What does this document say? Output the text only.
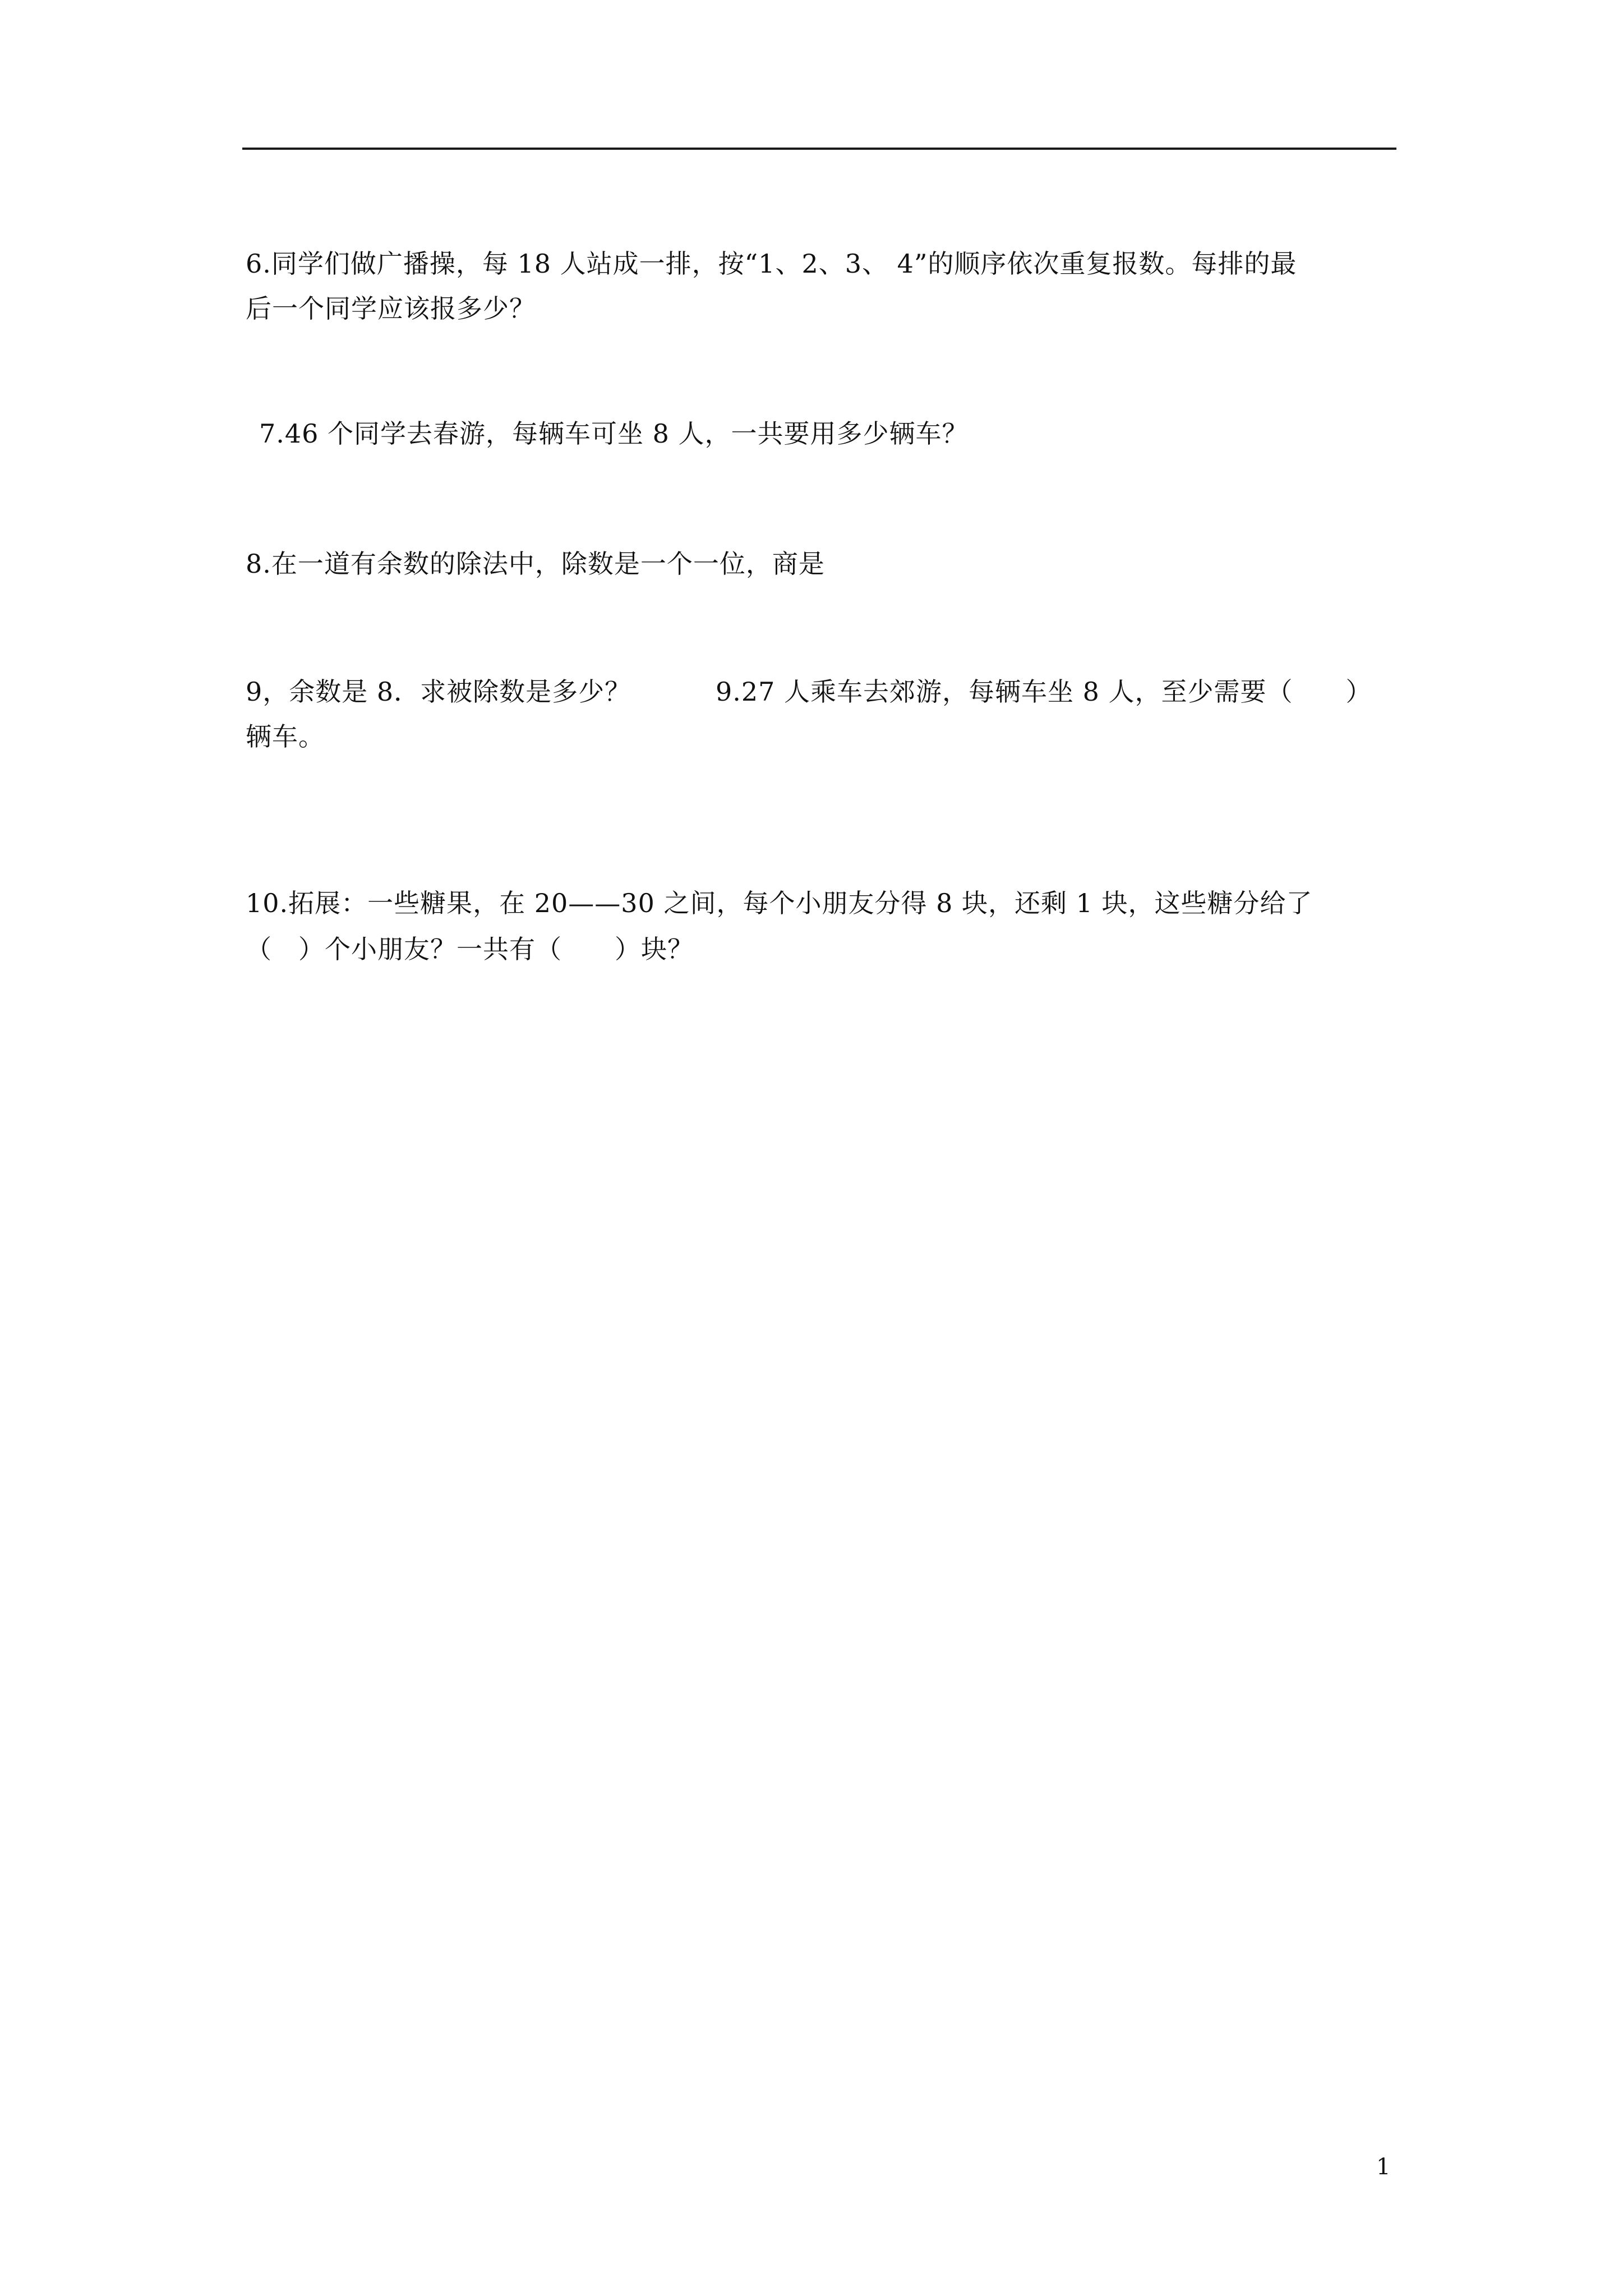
6.同学们做广播操，每 18 人站成一排，按“1、2、3、 4”的顺序依次重复报数。每排的最
后一个同学应该报多少？
7.46 个同学去春游，每辆车可坐 8 人，一共要用多少辆车？
8.在一道有余数的除法中，除数是一个一位，商是
9，余数是 8．求被除数是多少？	9.27 人乘车去郊游，每辆车坐 8 人，至少需要（　　）
辆车。
10.拓展：一些糖果，在 20——30 之间，每个小朋友分得 8 块，还剩 1 块，这些糖分给了
（　）个小朋友？一共有（　　）块？
1
